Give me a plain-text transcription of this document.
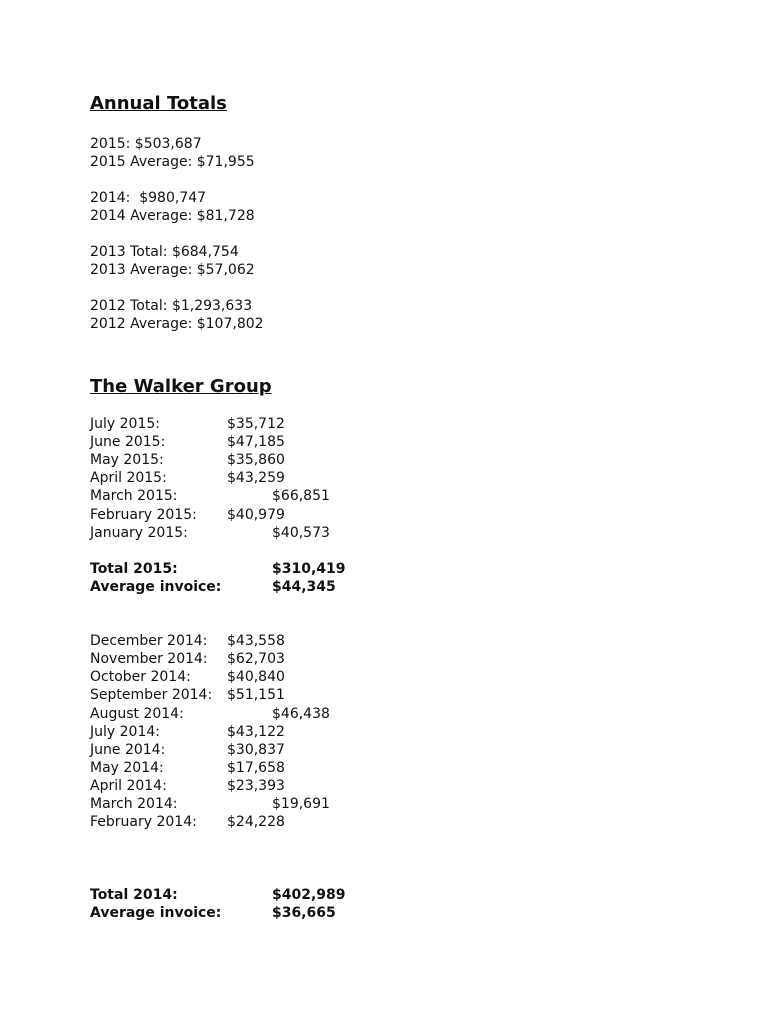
Annual Totals
2015: $503,687
2015 Average: $71,955
2014:  $980,747
2014 Average: $81,728
2013 Total: $684,754
2013 Average: $57,062
2012 Total: $1,293,633
2012 Average: $107,802
The Walker Group
July 2015:	$35,712
June 2015:	$47,185
May 2015:	$35,860
April 2015:	$43,259
March 2015:	$66,851
February 2015: $40,979
January 2015:	$40,573
Total 2015:	$310,419
Average invoice:	$44,345
December 2014: $43,558
November 2014: $62,703
October 2014:	$40,840
September 2014: $51,151
August 2014:	$46,438
July 2014:	$43,122
June 2014:	$30,837
May 2014:	$17,658
April 2014:	$23,393
March 2014:	$19,691
February 2014: $24,228
Total 2014:	$402,989
Average invoice:	$36,665
